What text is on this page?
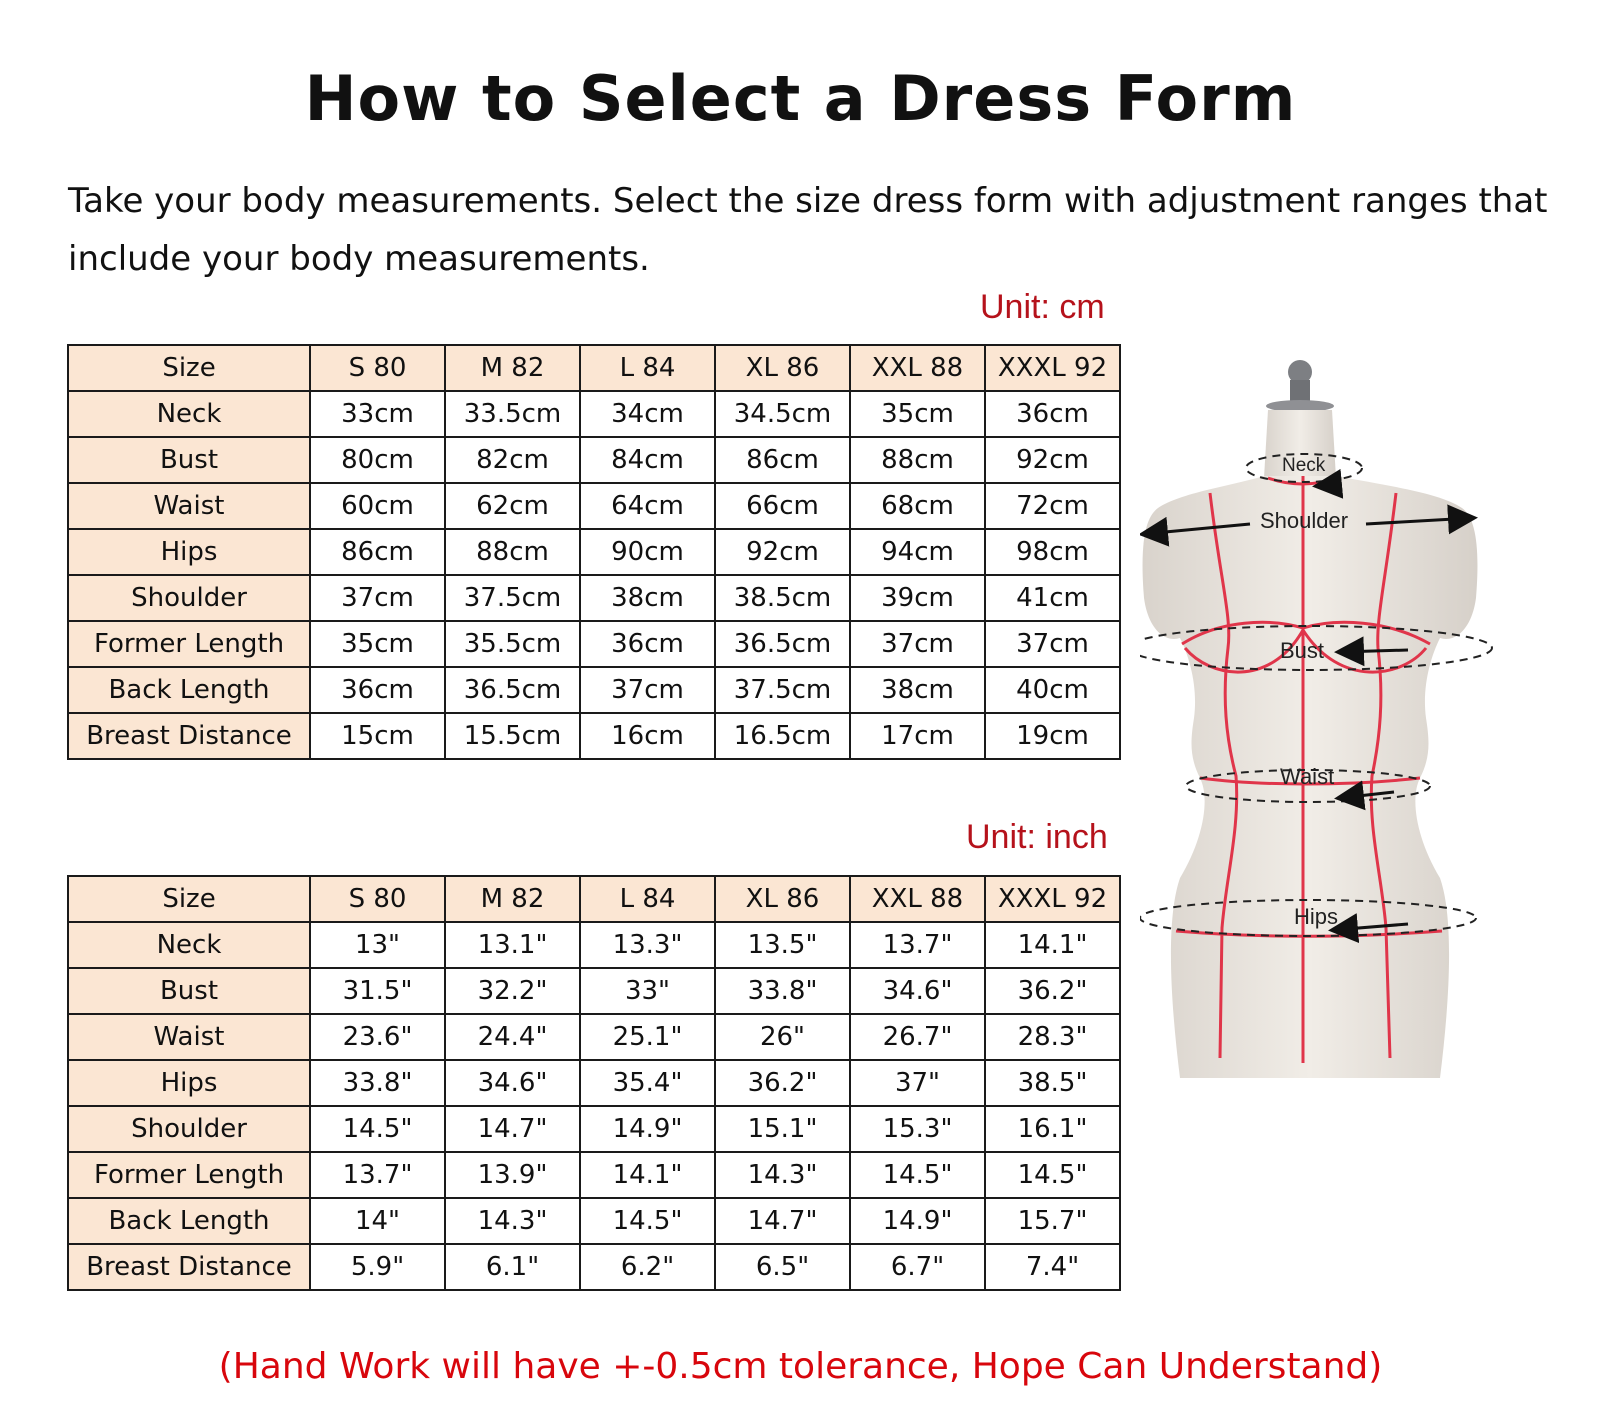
How to Select a Dress Form
Take your body measurements. Select the size dress form with adjustment ranges that include your body measurements.
Unit: cm
Size	S 80	M 82	L 84	XL 86	XXL 88	XXXL 92
Neck	33cm	33.5cm	34cm	34.5cm	35cm	36cm
Bust	80cm	82cm	84cm	86cm	88cm	92cm
Waist	60cm	62cm	64cm	66cm	68cm	72cm
Hips	86cm	88cm	90cm	92cm	94cm	98cm
Shoulder	37cm	37.5cm	38cm	38.5cm	39cm	41cm
Former Length	35cm	35.5cm	36cm	36.5cm	37cm	37cm
Back Length	36cm	36.5cm	37cm	37.5cm	38cm	40cm
Breast Distance	15cm	15.5cm	16cm	16.5cm	17cm	19cm
Unit: inch
Size	S 80	M 82	L 84	XL 86	XXL 88	XXXL 92
Neck	13"	13.1"	13.3"	13.5"	13.7"	14.1"
Bust	31.5"	32.2"	33"	33.8"	34.6"	36.2"
Waist	23.6"	24.4"	25.1"	26"	26.7"	28.3"
Hips	33.8"	34.6"	35.4"	36.2"	37"	38.5"
Shoulder	14.5"	14.7"	14.9"	15.1"	15.3"	16.1"
Former Length	13.7"	13.9"	14.1"	14.3"	14.5"	14.5"
Back Length	14"	14.3"	14.5"	14.7"	14.9"	15.7"
Breast Distance	5.9"	6.1"	6.2"	6.5"	6.7"	7.4"
Neck
Shoulder
Bust
Waist
Hips
(Hand Work will have +-0.5cm tolerance, Hope Can Understand)
